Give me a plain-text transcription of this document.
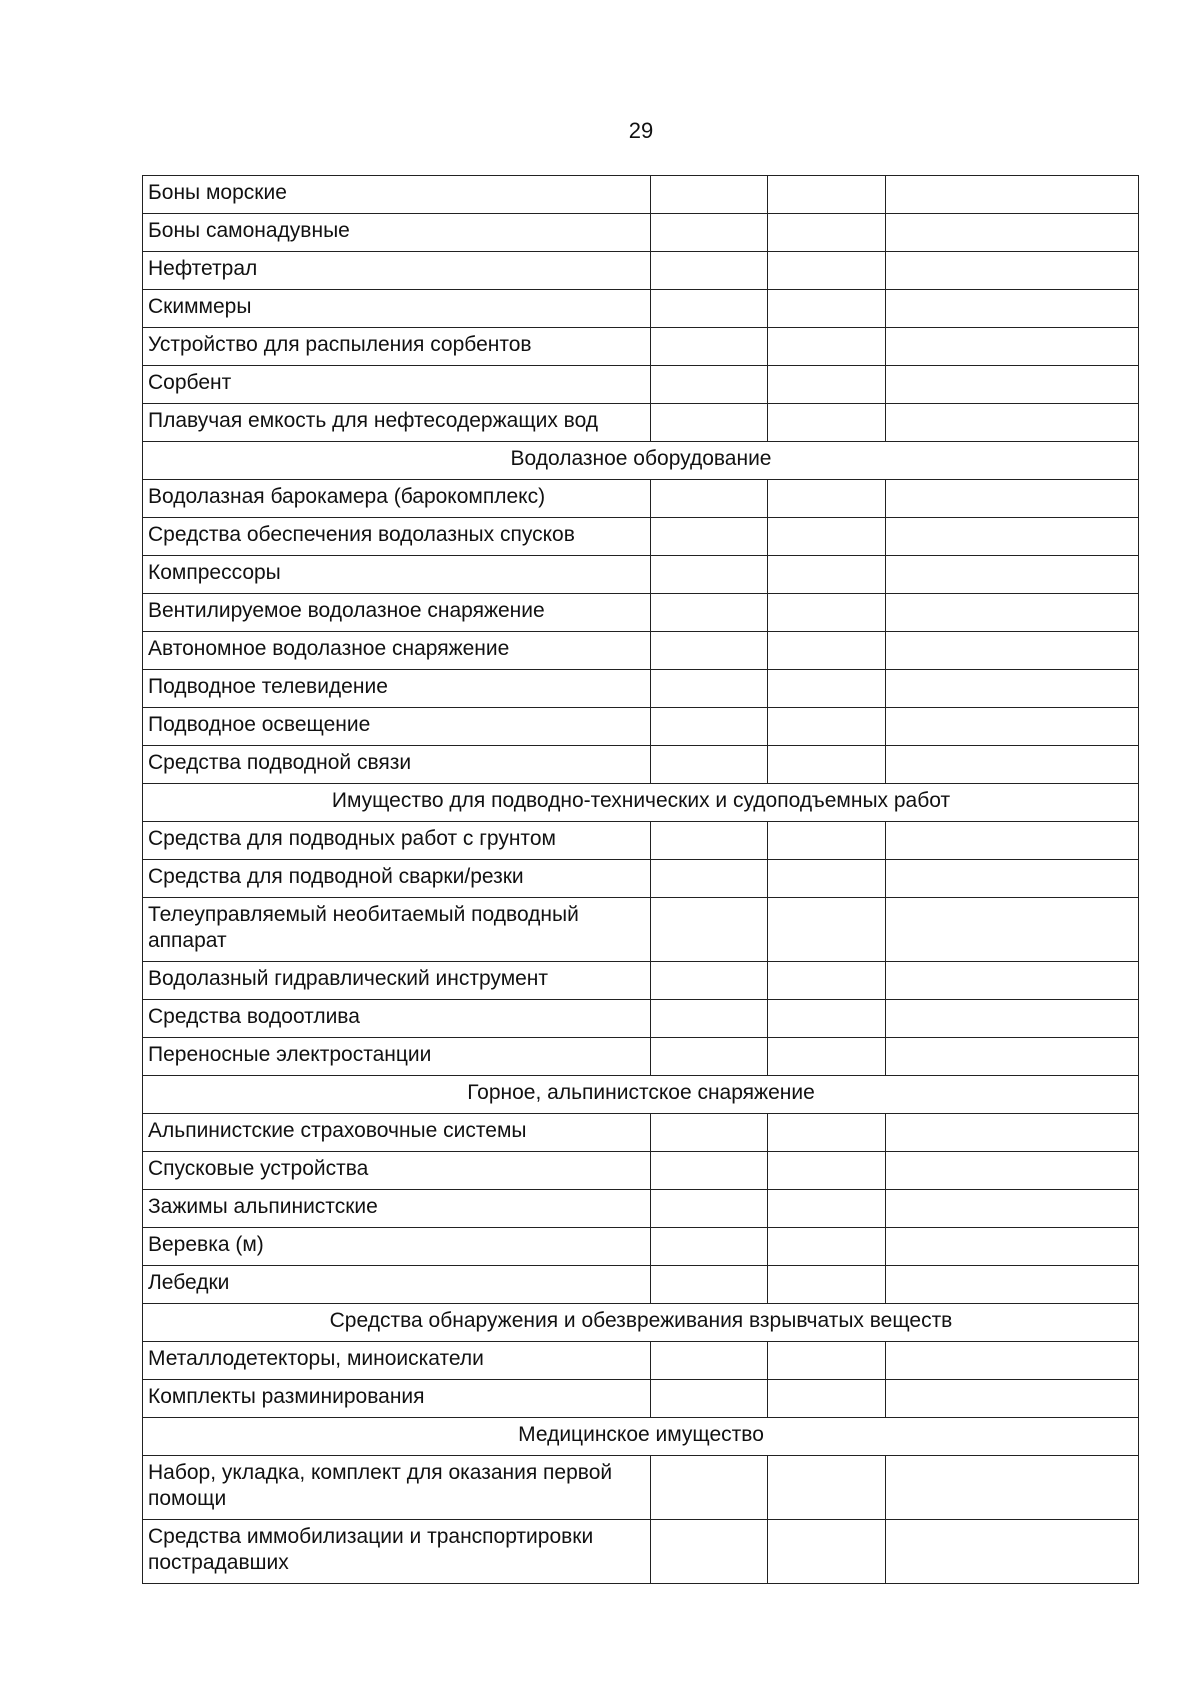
29
Боны морские			
Боны самонадувные			
Нефтетрал			
Скиммеры			
Устройство для распыления сорбентов			
Сорбент			
Плавучая емкость для нефтесодержащих вод			
Водолазное оборудование			
Водолазная барокамера (барокомплекс)			
Средства обеспечения водолазных спусков			
Компрессоры			
Вентилируемое водолазное снаряжение			
Автономное водолазное снаряжение			
Подводное телевидение			
Подводное освещение			
Средства подводной связи			
Имущество для подводно-технических и судоподъемных работ			
Средства для подводных работ с грунтом			
Средства для подводной сварки/резки			
Телеуправляемый необитаемый подводный аппарат			
Водолазный гидравлический инструмент			
Средства водоотлива			
Переносные электростанции			
Горное, альпинистское снаряжение			
Альпинистские страховочные системы			
Спусковые устройства			
Зажимы альпинистские			
Веревка (м)			
Лебедки			
Средства обнаружения и обезвреживания взрывчатых веществ			
Металлодетекторы, миноискатели			
Комплекты разминирования			
Медицинское имущество			
Набор, укладка, комплект для оказания первой помощи			
Средства иммобилизации и транспортировки пострадавших			
